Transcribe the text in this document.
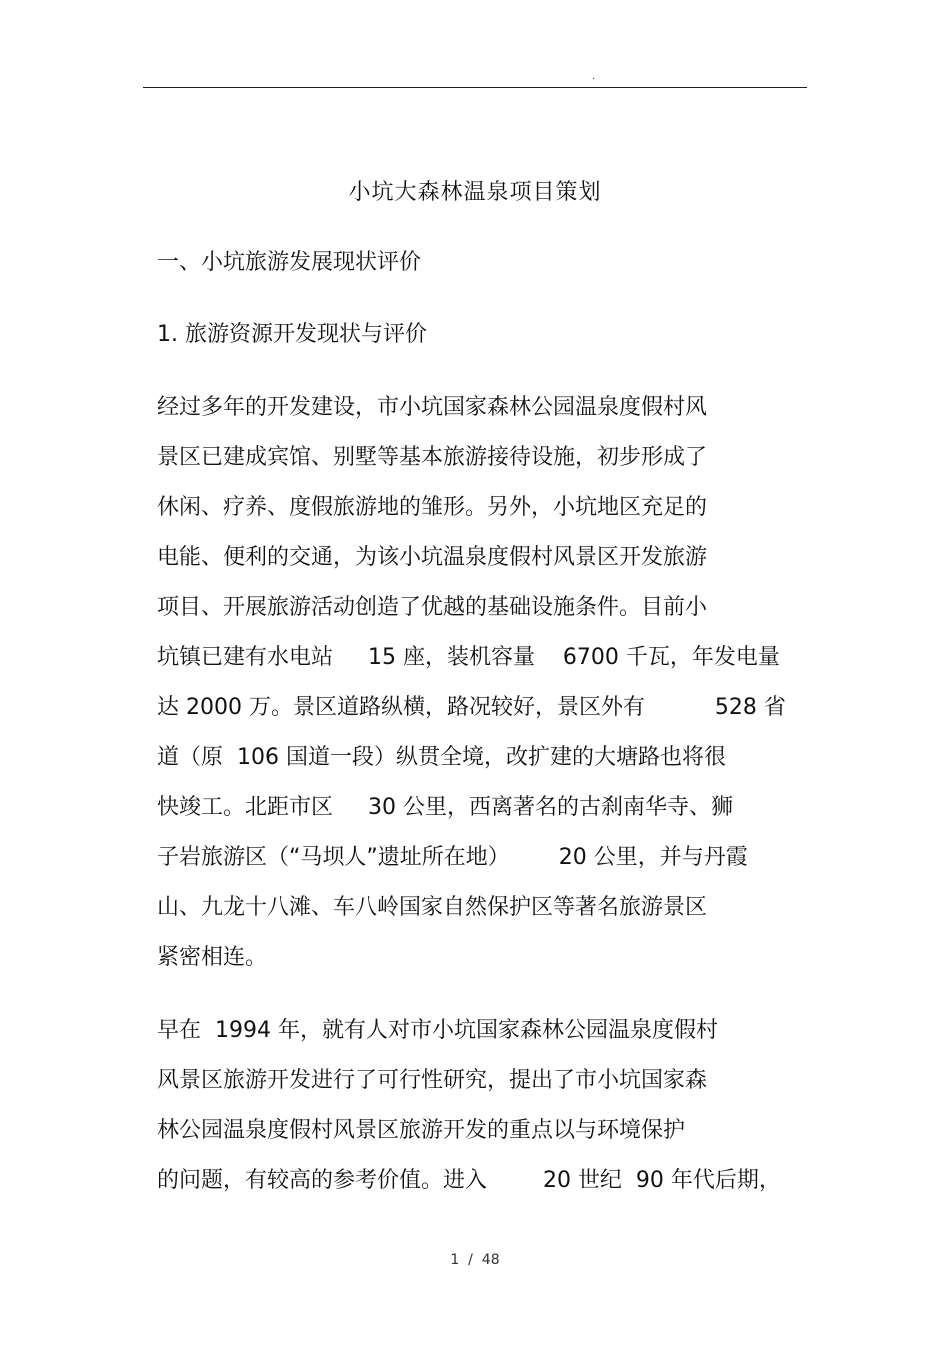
.
小坑大森林温泉项目策划
一、小坑旅游发展现状评价
1. 旅游资源开发现状与评价
经过多年的开发建设，市小坑国家森林公园温泉度假村风
景区已建成宾馆、别墅等基本旅游接待设施，初步形成了
休闲、疗养、度假旅游地的雏形。另外，小坑地区充足的
电能、便利的交通，为该小坑温泉度假村风景区开发旅游
项目、开展旅游活动创造了优越的基础设施条件。目前小
坑镇已建有水电站     15 座，装机容量    6700 千瓦，年发电量
达 2000 万。景区道路纵横，路况较好，景区外有          528 省
道（原  106 国道一段）纵贯全境，改扩建的大塘路也将很
快竣工。北距市区     30 公里，西离著名的古刹南华寺、狮
子岩旅游区（“马坝人”遗址所在地）       20 公里，并与丹霞
山、九龙十八滩、车八岭国家自然保护区等著名旅游景区
紧密相连。
早在  1994 年，就有人对市小坑国家森林公园温泉度假村
风景区旅游开发进行了可行性研究，提出了市小坑国家森
林公园温泉度假村风景区旅游开发的重点以与环境保护
的问题，有较高的参考价值。进入        20 世纪  90 年代后期，
1  /  48
